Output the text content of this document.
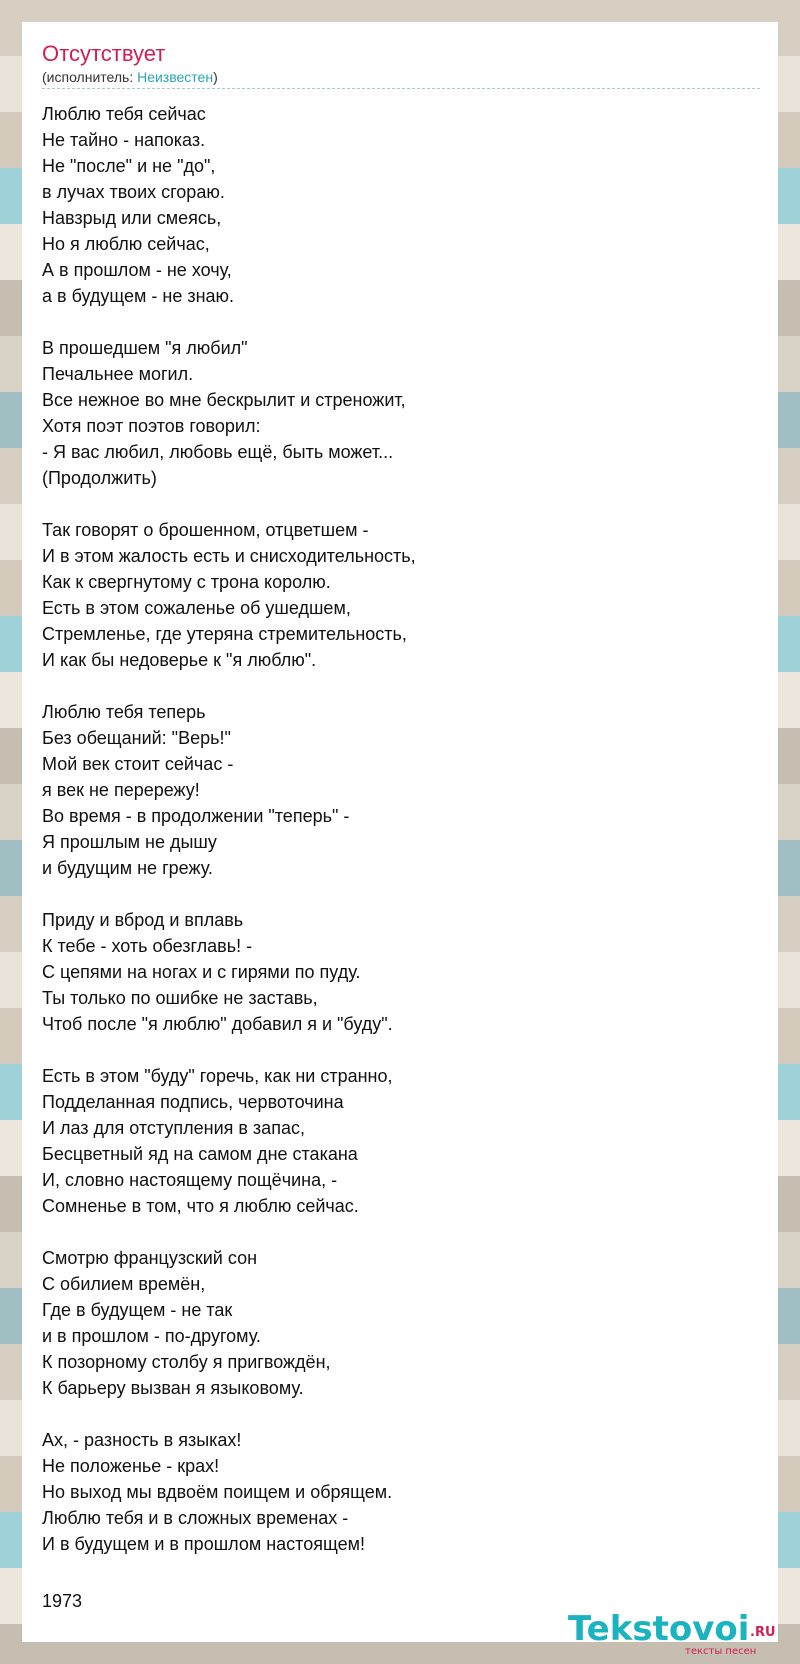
Отсутствует
(исполнитель: Неизвестен)
Люблю тебя сейчас
Не тайно - напоказ.
Не "после" и не "до",
в лучах твоих сгораю.
Навзрыд или смеясь,
Но я люблю сейчас,
А в прошлом - не хочу,
а в будущем - не знаю.
В прошедшем "я любил"
Печальнее могил.
Все нежное во мне бескрылит и стреножит,
Хотя поэт поэтов говорил:
- Я вас любил, любовь ещё, быть может...
(Продолжить)
Так говорят о брошенном, отцветшем -
И в этом жалость есть и снисходительность,
Как к свергнутому с трона королю.
Есть в этом сожаленье об ушедшем,
Стремленье, где утеряна стремительность,
И как бы недоверье к "я люблю".
Люблю тебя теперь
Без обещаний: "Верь!"
Мой век стоит сейчас -
я век не перережу!
Во время - в продолжении "теперь" -
Я прошлым не дышу
и будущим не грежу.
Приду и вброд и вплавь
К тебе - хоть обезглавь! -
С цепями на ногах и с гирями по пуду.
Ты только по ошибке не заставь,
Чтоб после "я люблю" добавил я и "буду".
Есть в этом "буду" горечь, как ни странно,
Подделанная подпись, червоточина
И лаз для отступления в запас,
Бесцветный яд на самом дне стакана
И, словно настоящему пощёчина, -
Сомненье в том, что я люблю сейчас.
Смотрю французский сон
С обилием времён,
Где в будущем - не так
и в прошлом - по-другому.
К позорному столбу я пригвождён,
К барьеру вызван я языковому.
Ах, - разность в языках!
Не положенье - крах!
Но выход мы вдвоём поищем и обрящем.
Люблю тебя и в сложных временах -
И в будущем и в прошлом настоящем!
1973
Tekstovoi .RU
тексты песен
